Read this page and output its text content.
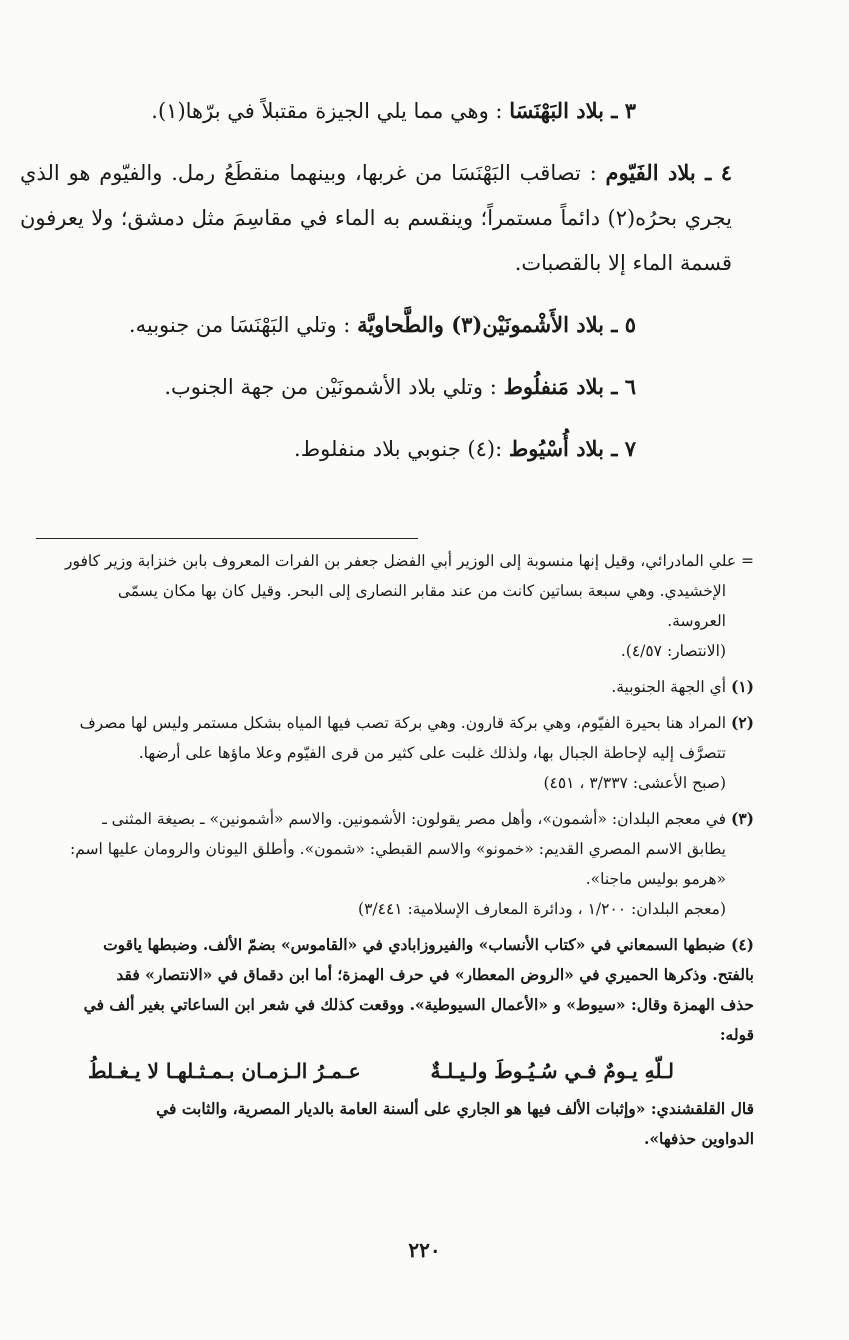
٣ ـ بلاد البَهْنَسَا : وهي مما يلي الجيزة مقتبلاً في برّها(١).

٤ ـ بلاد الفَيّوم : تصاقب البَهْنَسَا من غربها، وبينهما منقطَعُ رمل. والفيّوم هو الذي يجري بحرُه(٢) دائماً مستمراً؛ وينقسم به الماء في مقاسِمَ مثل دمشق؛ ولا يعرفون قسمة الماء إلا بالقصبات.

٥ ـ بلاد الأَشْمونَيْن(٣) والطَّحاويَّة : وتلي البَهْنَسَا من جنوبيه.

٦ ـ بلاد مَنفلُوط : وتلي بلاد الأشمونَيْن من جهة الجنوب.

٧ ـ بلاد أُسْيُوط :(٤) جنوبي بلاد منفلوط.

= علي المادرائي، وقيل إنها منسوبة إلى الوزير أبي الفضل جعفر بن الفرات المعروف بابن خنزابة وزير كافور
الإخشيدي. وهي سبعة بساتين كانت من عند مقابر النصارى إلى البحر. وقيل كان بها مكان يسمّى
العروسة.
(الانتصار: ٤/٥٧).
(١) أي الجهة الجنوبية.
(٢) المراد هنا بحيرة الفيّوم، وهي بركة قارون. وهي بركة تصب فيها المياه بشكل مستمر وليس لها مصرف
تتصرَّف إليه لإحاطة الجبال بها، ولذلك غلبت على كثير من قرى الفيّوم وعلا ماؤها على أرضها.
(صبح الأعشى: ٣/٣٣٧ ، ٤٥١)
(٣) في معجم البلدان: «أشمون»، وأهل مصر يقولون: الأشمونين. والاسم «أشمونين» ـ بصيغة المثنى ـ
يطابق الاسم المصري القديم: «خمونو» والاسم القبطي: «شمون». وأطلق اليونان والرومان عليها اسم:
«هرمو بوليس ماجنا».
(معجم البلدان: ١/٢٠٠ ، ودائرة المعارف الإسلامية: ٣/٤٤١)
(٤) ضبطها السمعاني في «كتاب الأنساب» والفيروزابادي في «القاموس» بضمّ الألف. وضبطها ياقوت
بالفتح. وذكرها الحميري في «الروض المعطار» في حرف الهمزة؛ أما ابن دقماق في «الانتصار» فقد
حذف الهمزة وقال: «سيوط» و «الأعمال السيوطية». ووقعت كذلك في شعر ابن الساعاتي بغير ألف في
قوله:
لـلّهِ يـومٌ فـي سُـيُـوطَ ولـيـلـةٌ
عـمـرُ الـزمـان بـمـثـلهـا لا يـغـلطُ
قال القلقشندي: «وإثبات الألف فيها هو الجاري على ألسنة العامة بالديار المصرية، والثابت في
الدواوين حذفها».
٢٢٠
